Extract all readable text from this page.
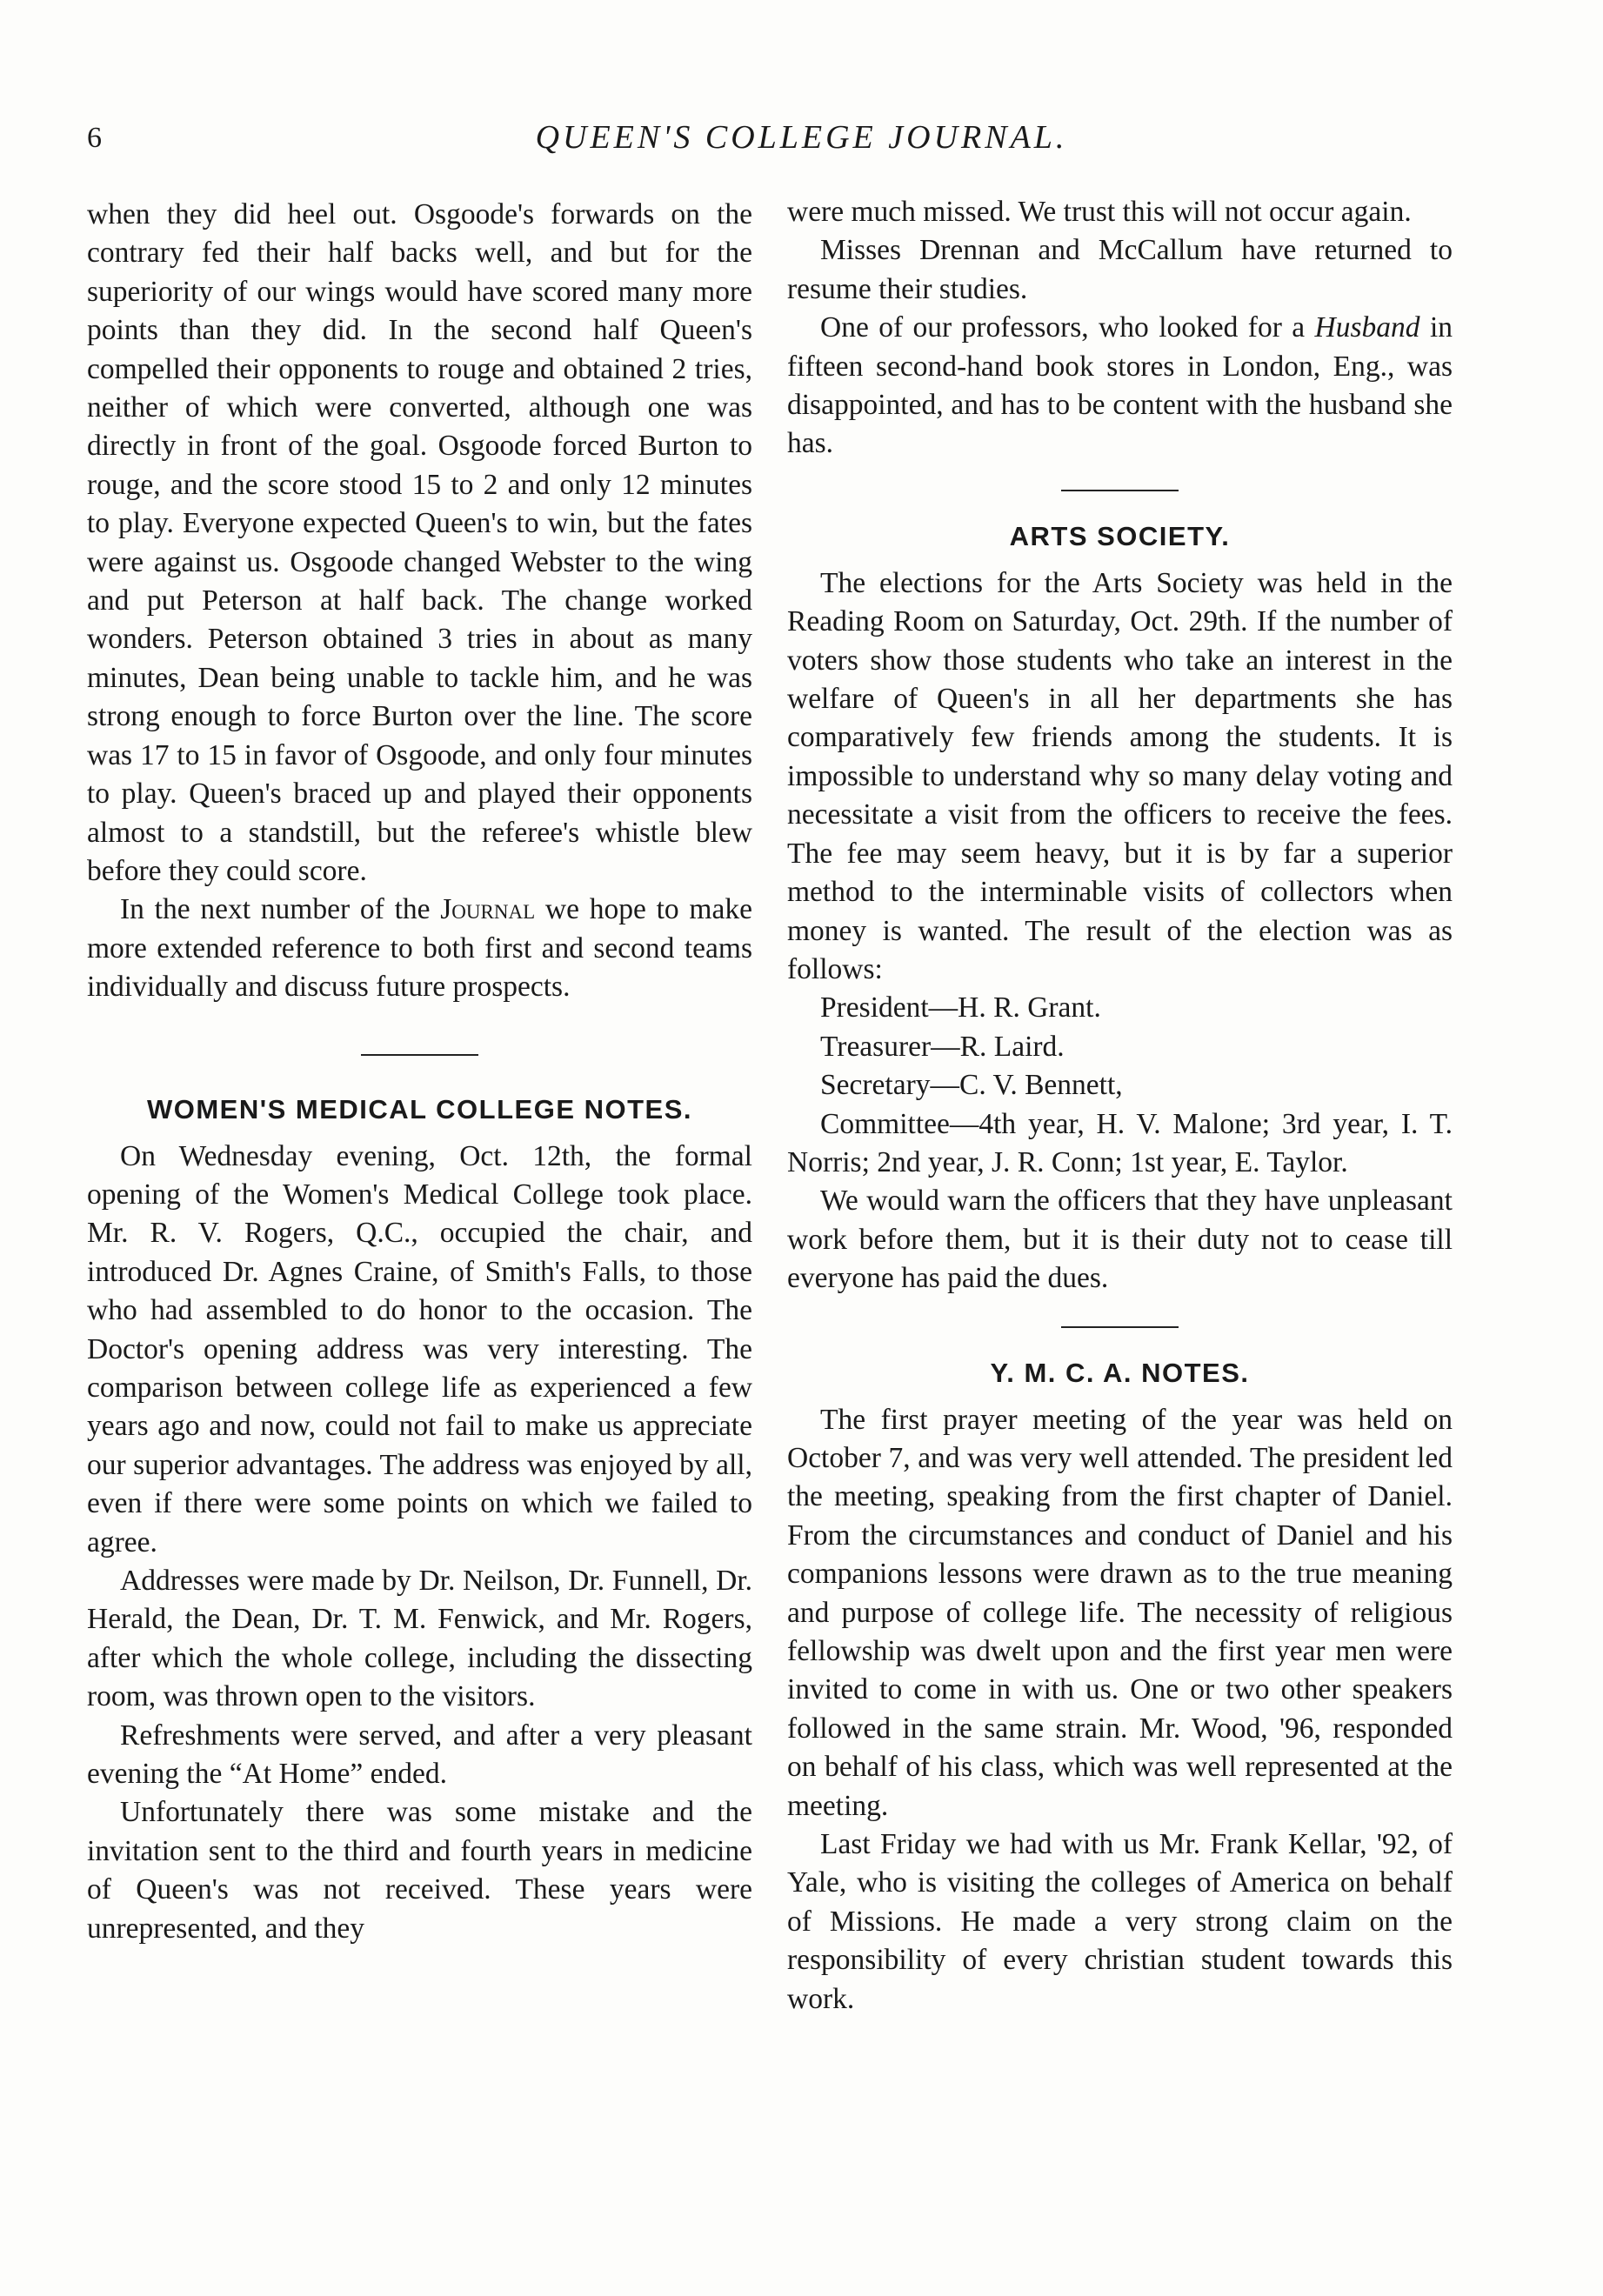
6	QUEEN'S COLLEGE JOURNAL.

when they did heel out. Osgoode's forwards on the contrary fed their half backs well, and but for the superiority of our wings would have scored many more points than they did. In the second half Queen's compelled their opponents to rouge and obtained 2 tries, neither of which were converted, although one was directly in front of the goal. Osgoode forced Burton to rouge, and the score stood 15 to 2 and only 12 minutes to play. Everyone expected Queen's to win, but the fates were against us. Osgoode changed Webster to the wing and put Peterson at half back. The change worked wonders. Peterson obtained 3 tries in about as many minutes, Dean being unable to tackle him, and he was strong enough to force Burton over the line. The score was 17 to 15 in favor of Osgoode, and only four minutes to play. Queen's braced up and played their opponents almost to a standstill, but the referee's whistle blew before they could score.

In the next number of the Journal we hope to make more extended reference to both first and second teams individually and discuss future prospects.

WOMEN'S MEDICAL COLLEGE NOTES.

On Wednesday evening, Oct. 12th, the formal opening of the Women's Medical College took place. Mr. R. V. Rogers, Q.C., occupied the chair, and introduced Dr. Agnes Craine, of Smith's Falls, to those who had assembled to do honor to the occasion. The Doctor's opening address was very interesting. The comparison between college life as experienced a few years ago and now, could not fail to make us appreciate our superior advantages. The address was enjoyed by all, even if there were some points on which we failed to agree.

Addresses were made by Dr. Neilson, Dr. Funnell, Dr. Herald, the Dean, Dr. T. M. Fenwick, and Mr. Rogers, after which the whole college, including the dissecting room, was thrown open to the visitors.

Refreshments were served, and after a very pleasant evening the “At Home” ended.

Unfortunately there was some mistake and the invitation sent to the third and fourth years in medicine of Queen's was not received. These years were unrepresented, and they

were much missed. We trust this will not occur again.

Misses Drennan and McCallum have returned to resume their studies.

One of our professors, who looked for a Husband in fifteen second-hand book stores in London, Eng., was disappointed, and has to be content with the husband she has.

ARTS SOCIETY.

The elections for the Arts Society was held in the Reading Room on Saturday, Oct. 29th. If the number of voters show those students who take an interest in the welfare of Queen's in all her departments she has comparatively few friends among the students. It is impossible to understand why so many delay voting and necessitate a visit from the officers to receive the fees. The fee may seem heavy, but it is by far a superior method to the interminable visits of collectors when money is wanted. The result of the election was as follows:

President—H. R. Grant.

Treasurer—R. Laird.

Secretary—C. V. Bennett,

Committee—4th year, H. V. Malone; 3rd year, I. T. Norris; 2nd year, J. R. Conn; 1st year, E. Taylor.

We would warn the officers that they have unpleasant work before them, but it is their duty not to cease till everyone has paid the dues.

Y. M. C. A. NOTES.

The first prayer meeting of the year was held on October 7, and was very well attended. The president led the meeting, speaking from the first chapter of Daniel. From the circumstances and conduct of Daniel and his companions lessons were drawn as to the true meaning and purpose of college life. The necessity of religious fellowship was dwelt upon and the first year men were invited to come in with us. One or two other speakers followed in the same strain. Mr. Wood, '96, responded on behalf of his class, which was well represented at the meeting.

Last Friday we had with us Mr. Frank Kellar, '92, of Yale, who is visiting the colleges of America on behalf of Missions. He made a very strong claim on the responsibility of every christian student towards this work.
